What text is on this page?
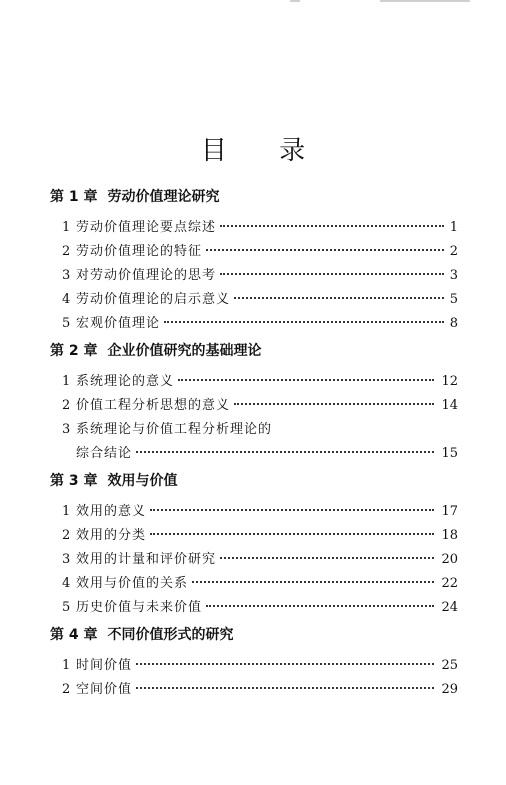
目 录
第 1 章 劳动价值理论研究
1 劳动价值理论要点综述	1
2 劳动价值理论的特征	2
3 对劳动价值理论的思考	3
4 劳动价值理论的启示意义	5
5 宏观价值理论	8
第 2 章 企业价值研究的基础理论
1 系统理论的意义	12
2 价值工程分析思想的意义	14
3 系统理论与价值工程分析理论的
综合结论	15
第 3 章 效用与价值
1 效用的意义	17
2 效用的分类	18
3 效用的计量和评价研究	20
4 效用与价值的关系	22
5 历史价值与未来价值	24
第 4 章 不同价值形式的研究
1 时间价值	25
2 空间价值	29
